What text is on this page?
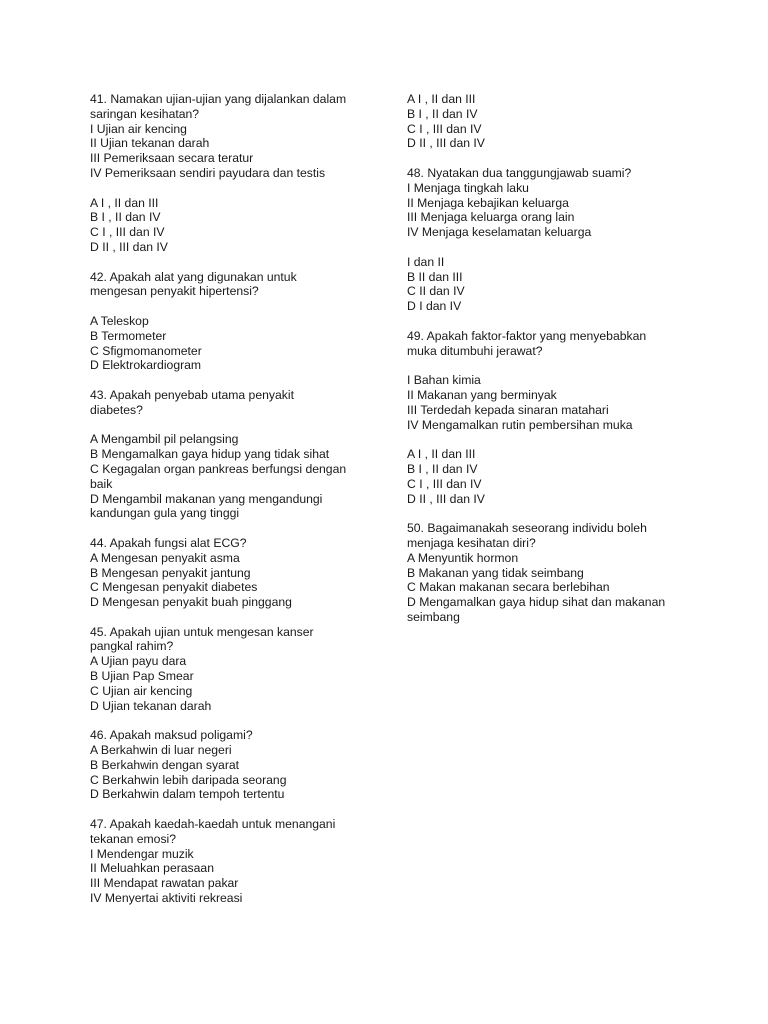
41. Namakan ujian-ujian yang dijalankan dalam
saringan kesihatan?
I Ujian air kencing
II Ujian tekanan darah
III Pemeriksaan secara teratur
IV Pemeriksaan sendiri payudara dan testis
A I , II dan III
B I , II dan IV
C I , III dan IV
D II , III dan IV
42. Apakah alat yang digunakan untuk
mengesan penyakit hipertensi?
A Teleskop
B Termometer
C Sfigmomanometer
D Elektrokardiogram
43. Apakah penyebab utama penyakit
diabetes?
A Mengambil pil pelangsing
B Mengamalkan gaya hidup yang tidak sihat
C Kegagalan organ pankreas berfungsi dengan
baik
D Mengambil makanan yang mengandungi
kandungan gula yang tinggi
44. Apakah fungsi alat ECG?
A Mengesan penyakit asma
B Mengesan penyakit jantung
C Mengesan penyakit diabetes
D Mengesan penyakit buah pinggang
45. Apakah ujian untuk mengesan kanser
pangkal rahim?
A Ujian payu dara
B Ujian Pap Smear
C Ujian air kencing
D Ujian tekanan darah
46. Apakah maksud poligami?
A Berkahwin di luar negeri
B Berkahwin dengan syarat
C Berkahwin lebih daripada seorang
D Berkahwin dalam tempoh tertentu
47. Apakah kaedah-kaedah untuk menangani
tekanan emosi?
I Mendengar muzik
II Meluahkan perasaan
III Mendapat rawatan pakar
IV Menyertai aktiviti rekreasi
A I , II dan III
B I , II dan IV
C I , III dan IV
D II , III dan IV
48. Nyatakan dua tanggungjawab suami?
I Menjaga tingkah laku
II Menjaga kebajikan keluarga
III Menjaga keluarga orang lain
IV Menjaga keselamatan keluarga
I dan II
B II dan III
C II dan IV
D I dan IV
49. Apakah faktor-faktor yang menyebabkan
muka ditumbuhi jerawat?
I Bahan kimia
II Makanan yang berminyak
III Terdedah kepada sinaran matahari
IV Mengamalkan rutin pembersihan muka
A I , II dan III
B I , II dan IV
C I , III dan IV
D II , III dan IV
50. Bagaimanakah seseorang individu boleh
menjaga kesihatan diri?
A Menyuntik hormon
B Makanan yang tidak seimbang
C Makan makanan secara berlebihan
D Mengamalkan gaya hidup sihat dan makanan
seimbang
